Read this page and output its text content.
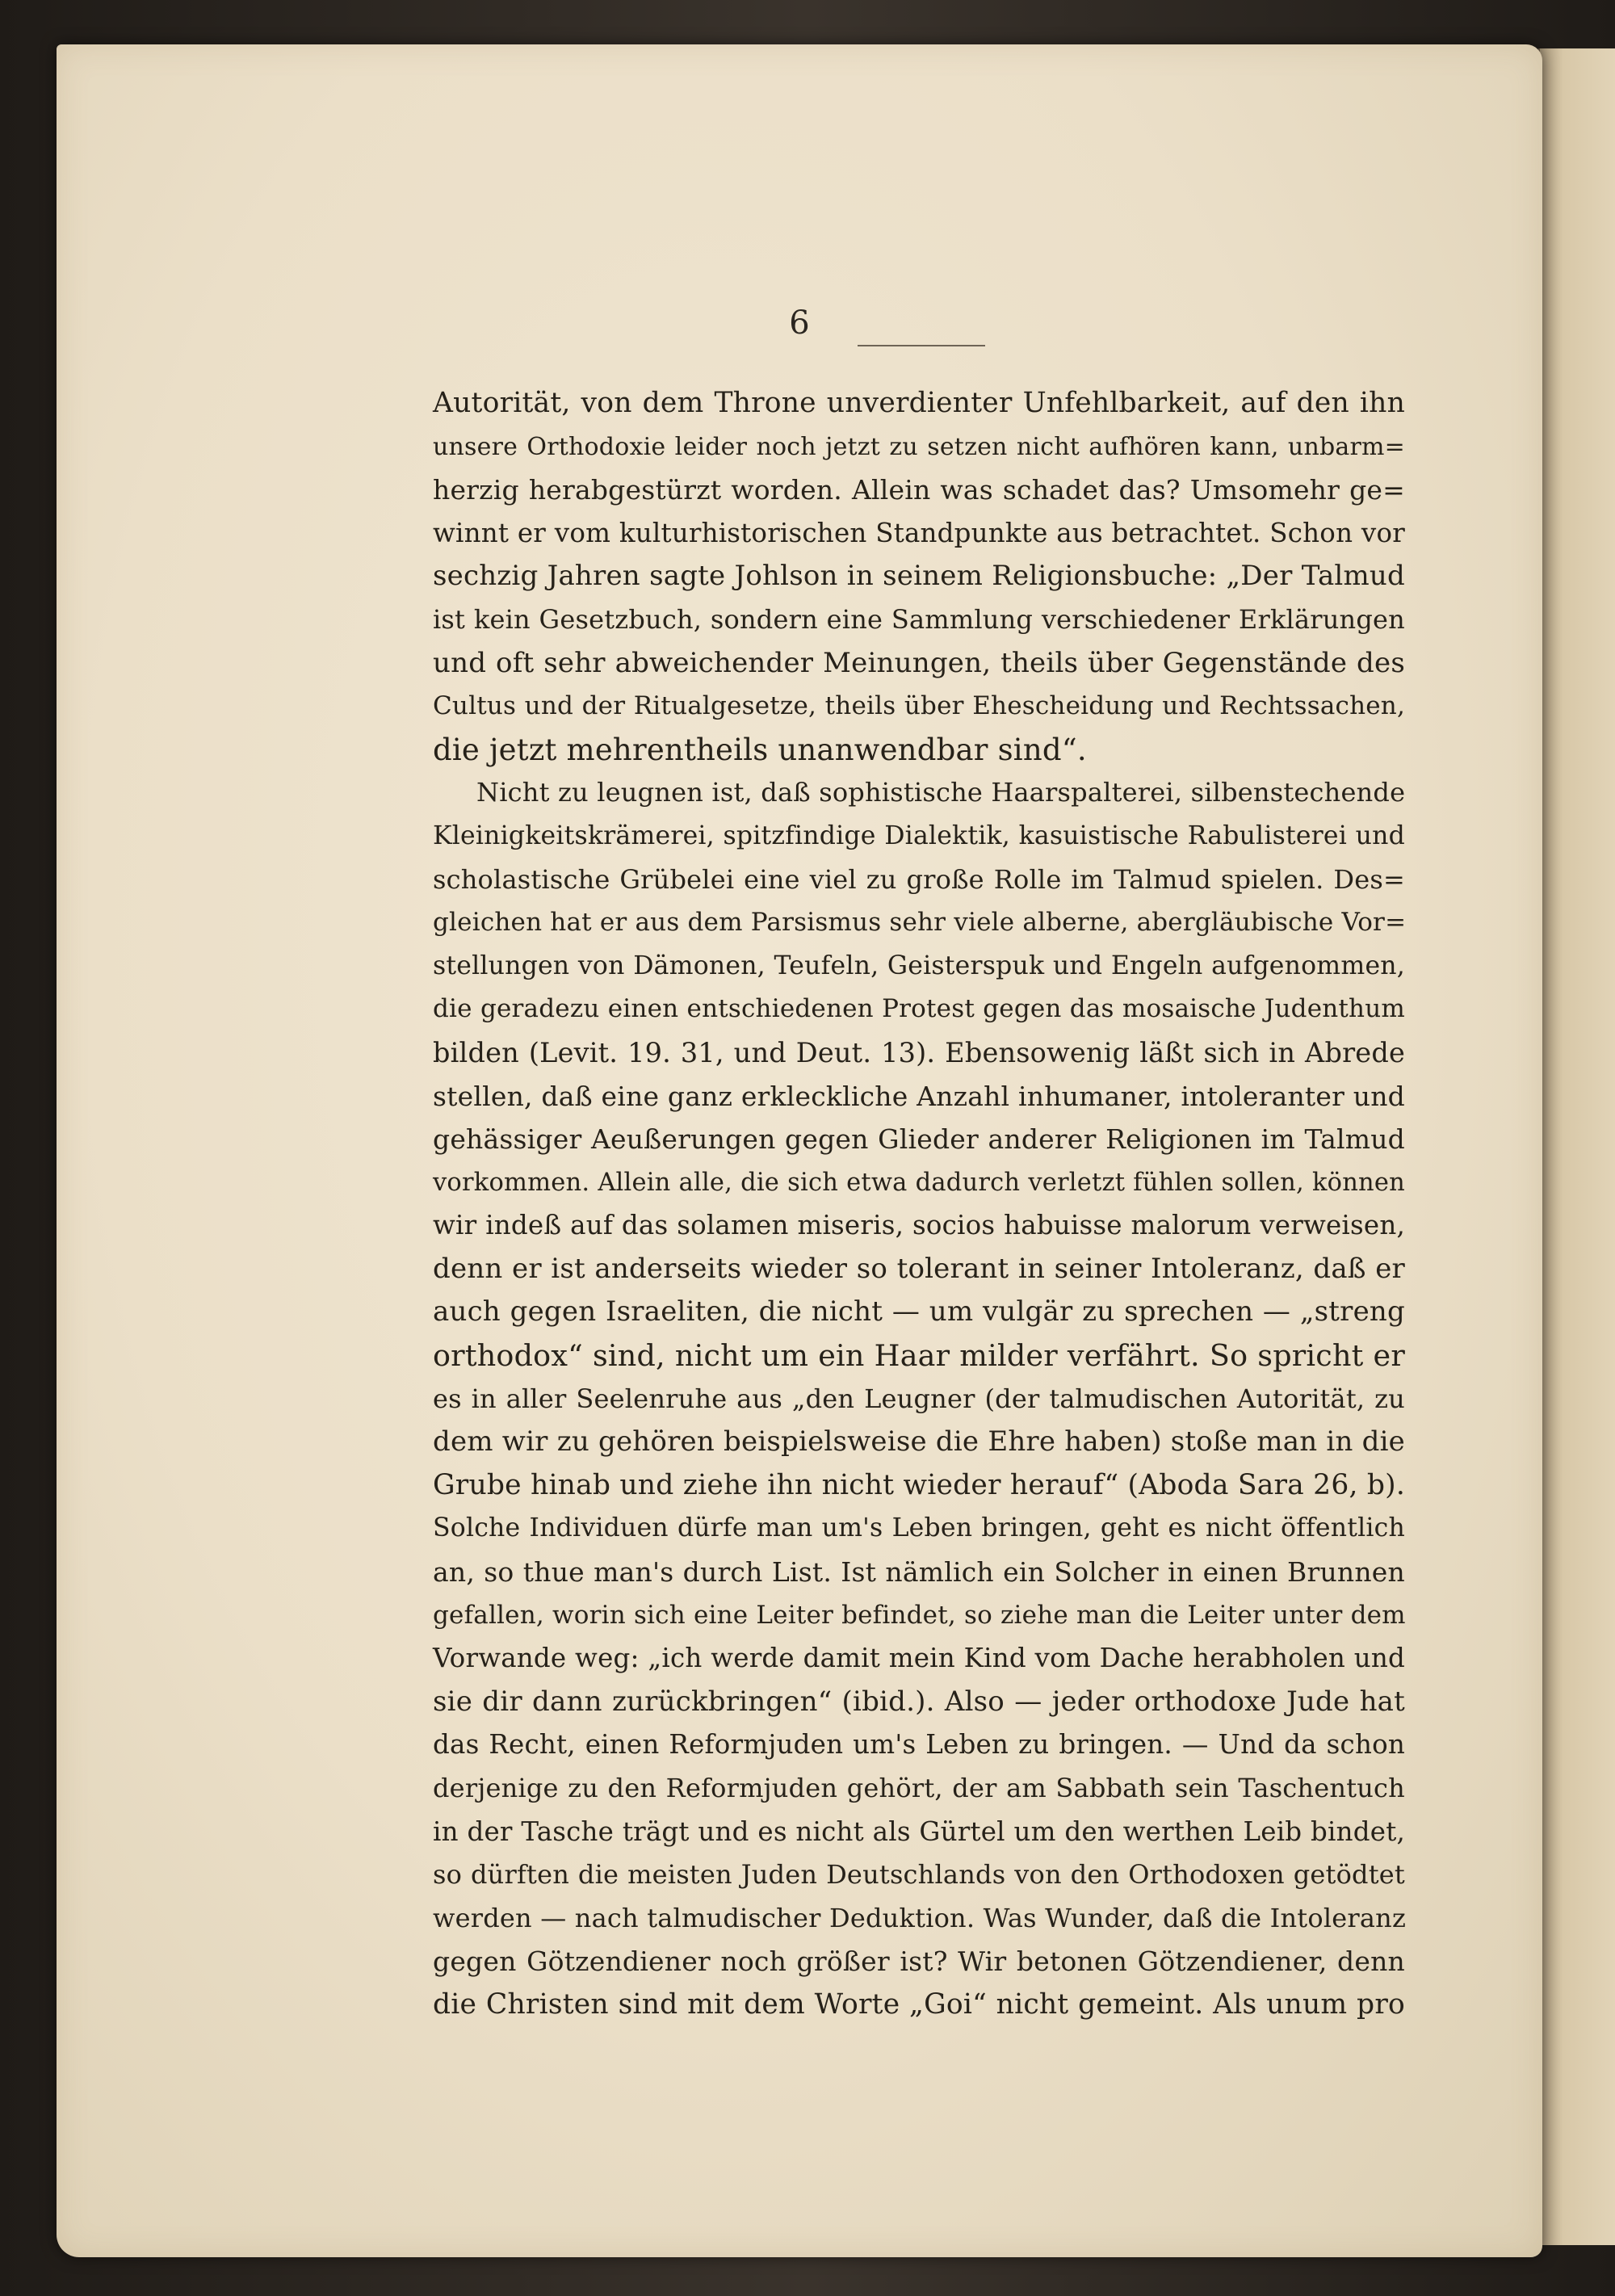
6
Autorität, von dem Throne unverdienter Unfehlbarkeit, auf den ihn
unsere Orthodoxie leider noch jetzt zu setzen nicht aufhören kann, unbarm=
herzig herabgestürzt worden. Allein was schadet das? Umsomehr ge=
winnt er vom kulturhistorischen Standpunkte aus betrachtet. Schon vor
sechzig Jahren sagte Johlson in seinem Religionsbuche: „Der Talmud
ist kein Gesetzbuch, sondern eine Sammlung verschiedener Erklärungen
und oft sehr abweichender Meinungen, theils über Gegenstände des
Cultus und der Ritualgesetze, theils über Ehescheidung und Rechtssachen,
die jetzt mehrentheils unanwendbar sind“.
Nicht zu leugnen ist, daß sophistische Haarspalterei, silbenstechende
Kleinigkeitskrämerei, spitzfindige Dialektik, kasuistische Rabulisterei und
scholastische Grübelei eine viel zu große Rolle im Talmud spielen. Des=
gleichen hat er aus dem Parsismus sehr viele alberne, abergläubische Vor=
stellungen von Dämonen, Teufeln, Geisterspuk und Engeln aufgenommen,
die geradezu einen entschiedenen Protest gegen das mosaische Judenthum
bilden (Levit. 19. 31, und Deut. 13). Ebensowenig läßt sich in Abrede
stellen, daß eine ganz erkleckliche Anzahl inhumaner, intoleranter und
gehässiger Aeußerungen gegen Glieder anderer Religionen im Talmud
vorkommen. Allein alle, die sich etwa dadurch verletzt fühlen sollen, können
wir indeß auf das solamen miseris, socios habuisse malorum verweisen,
denn er ist anderseits wieder so tolerant in seiner Intoleranz, daß er
auch gegen Israeliten, die nicht — um vulgär zu sprechen — „streng
orthodox“ sind, nicht um ein Haar milder verfährt. So spricht er
es in aller Seelenruhe aus „den Leugner (der talmudischen Autorität, zu
dem wir zu gehören beispielsweise die Ehre haben) stoße man in die
Grube hinab und ziehe ihn nicht wieder herauf“ (Aboda Sara 26, b).
Solche Individuen dürfe man um's Leben bringen, geht es nicht öffentlich
an, so thue man's durch List. Ist nämlich ein Solcher in einen Brunnen
gefallen, worin sich eine Leiter befindet, so ziehe man die Leiter unter dem
Vorwande weg: „ich werde damit mein Kind vom Dache herabholen und
sie dir dann zurückbringen“ (ibid.). Also — jeder orthodoxe Jude hat
das Recht, einen Reformjuden um's Leben zu bringen. — Und da schon
derjenige zu den Reformjuden gehört, der am Sabbath sein Taschentuch
in der Tasche trägt und es nicht als Gürtel um den werthen Leib bindet,
so dürften die meisten Juden Deutschlands von den Orthodoxen getödtet
werden — nach talmudischer Deduktion. Was Wunder, daß die Intoleranz
gegen Götzendiener noch größer ist? Wir betonen Götzendiener, denn
die Christen sind mit dem Worte „Goi“ nicht gemeint. Als unum pro
